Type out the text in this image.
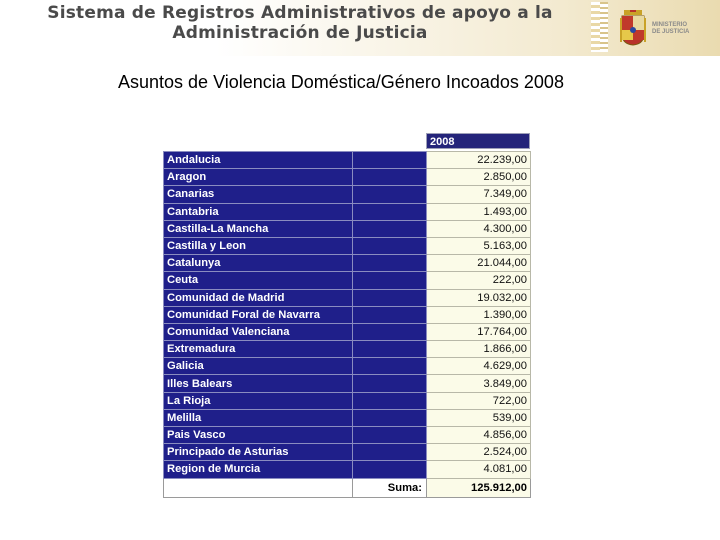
Sistema de Registros Administrativos de apoyo a la
Administración de Justicia	MINISTERIO
DE JUSTICIA
Asuntos de Violencia Doméstica/Género Incoados 2008
2008
Andalucia		22.239,00
Aragon		2.850,00
Canarias		7.349,00
Cantabria		1.493,00
Castilla-La Mancha		4.300,00
Castilla y Leon		5.163,00
Catalunya		21.044,00
Ceuta		222,00
Comunidad de Madrid		19.032,00
Comunidad Foral de Navarra		1.390,00
Comunidad Valenciana		17.764,00
Extremadura		1.866,00
Galicia		4.629,00
Illes Balears		3.849,00
La Rioja		722,00
Melilla		539,00
Pais Vasco		4.856,00
Principado de Asturias		2.524,00
Region de Murcia		4.081,00
	Suma:	125.912,00
